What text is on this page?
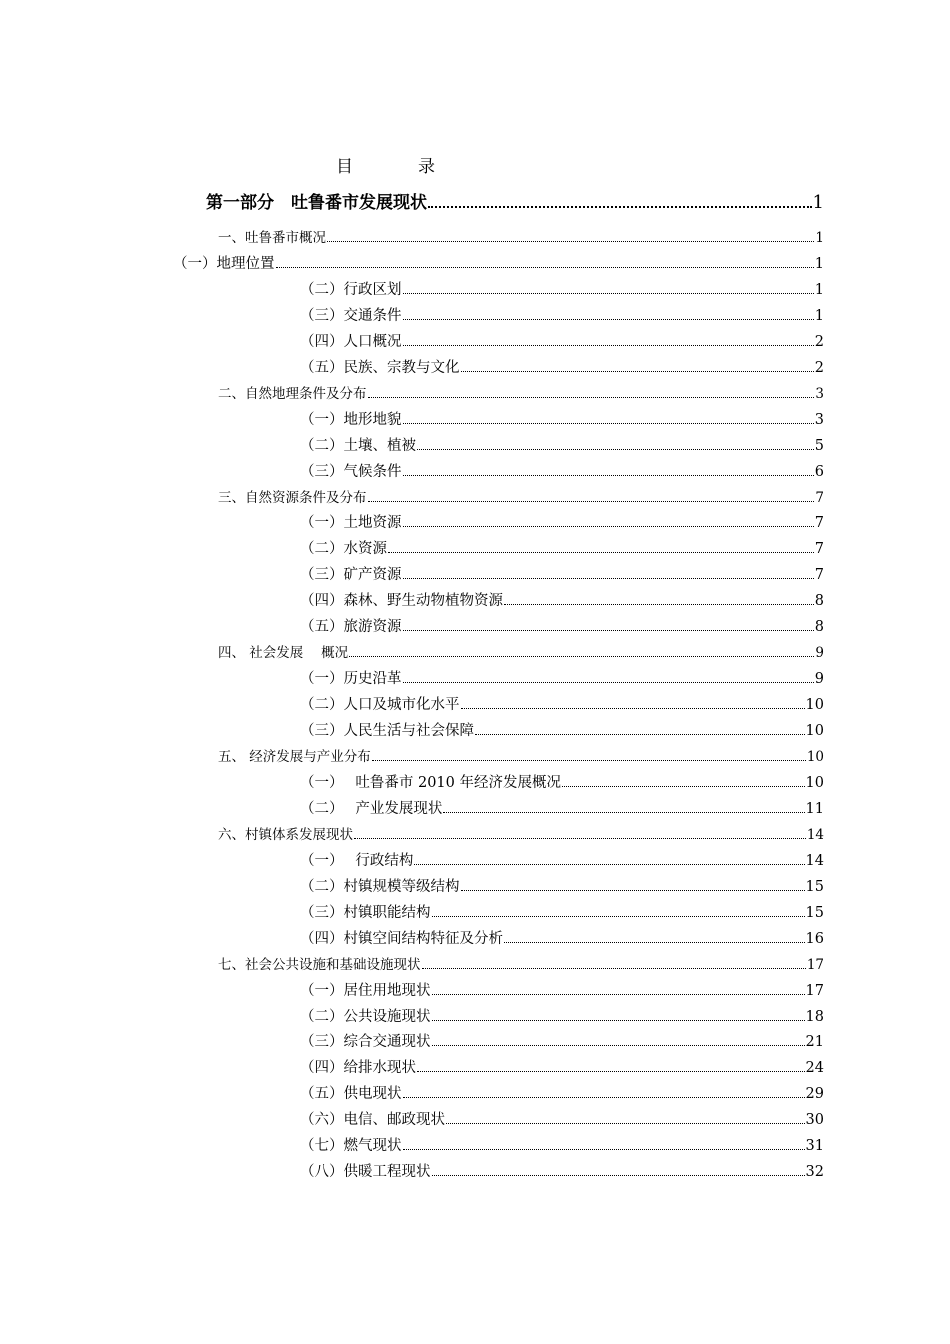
目　录
第一部分　吐鲁番市发展现状	1
一、吐鲁番市概况	1
（一）地理位置	1
（二）行政区划	1
（三）交通条件	1
（四）人口概况	2
（五）民族、宗教与文化	2
二、自然地理条件及分布	3
（一）地形地貌	3
（二）土壤、植被	5
（三）气候条件	6
三、自然资源条件及分布	7
（一）土地资源	7
（二）水资源	7
（三）矿产资源	7
（四）森林、野生动物植物资源	8
（五）旅游资源	8
四、 社会发展　 概况	9
（一）历史沿革	9
（二）人口及城市化水平	10
（三）人民生活与社会保障	10
五、 经济发展与产业分布	10
（一）　 吐鲁番市 2010 年经济发展概况	10
（二）　 产业发展现状	11
六、村镇体系发展现状	14
（一）　 行政结构	14
（二）村镇规模等级结构	15
（三）村镇职能结构	15
（四）村镇空间结构特征及分析	16
七、社会公共设施和基础设施现状	17
（一）居住用地现状	17
（二）公共设施现状	18
（三）综合交通现状	21
（四）给排水现状	24
（五）供电现状	29
（六）电信、邮政现状	30
（七）燃气现状	31
（八）供暖工程现状	32
